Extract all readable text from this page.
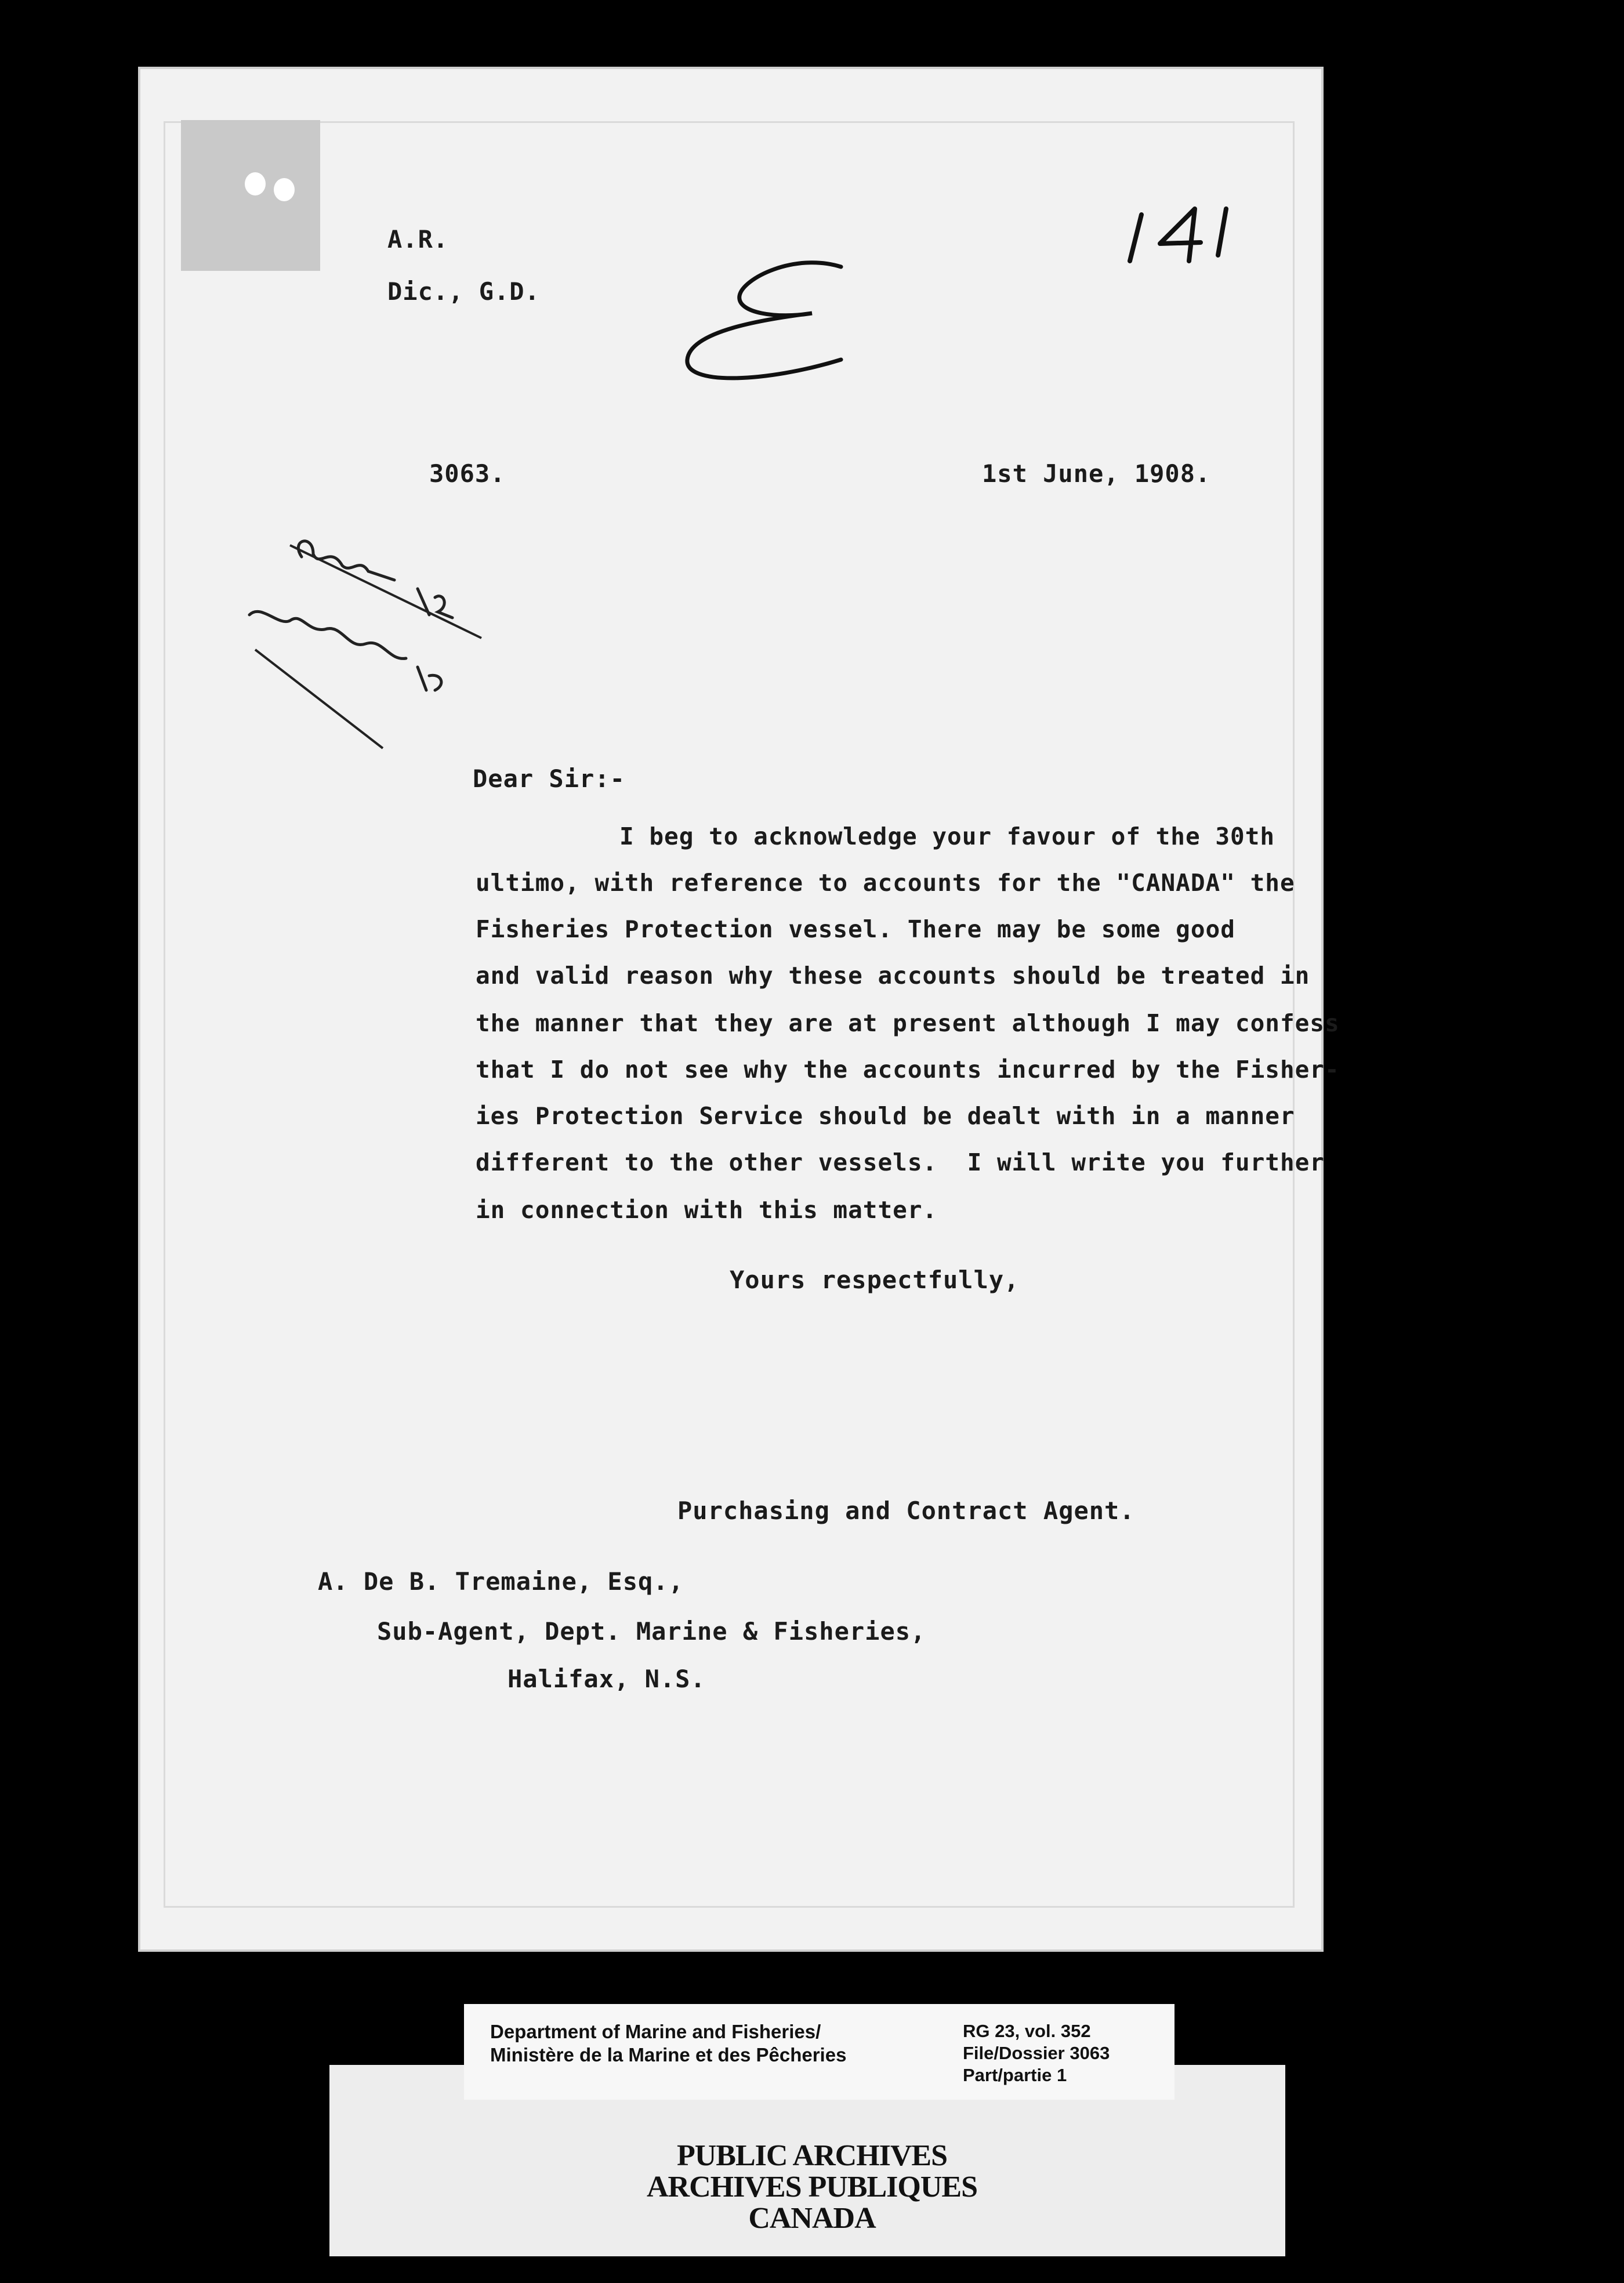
A.R.
Dic., G.D.
141
E
3063.	1st June, 1908.
Dear Sir:-
I beg to acknowledge your favour of the 30th
ultimo, with reference to accounts for the "CANADA" the
Fisheries Protection vessel. There may be some good
and valid reason why these accounts should be treated in
the manner that they are at present although I may confess
that I do not see why the accounts incurred by the Fisher-
ies Protection Service should be dealt with in a manner
different to the other vessels.  I will write you further
in connection with this matter.
Yours respectfully,
Purchasing and Contract Agent.
A. De B. Tremaine, Esq.,
Sub-Agent, Dept. Marine & Fisheries,
Halifax, N.S.
Department of Marine and Fisheries/
Ministère de la Marine et des Pêcheries
RG 23, vol. 352
File/Dossier 3063
Part/partie 1
PUBLIC ARCHIVES
ARCHIVES PUBLIQUES
CANADA
